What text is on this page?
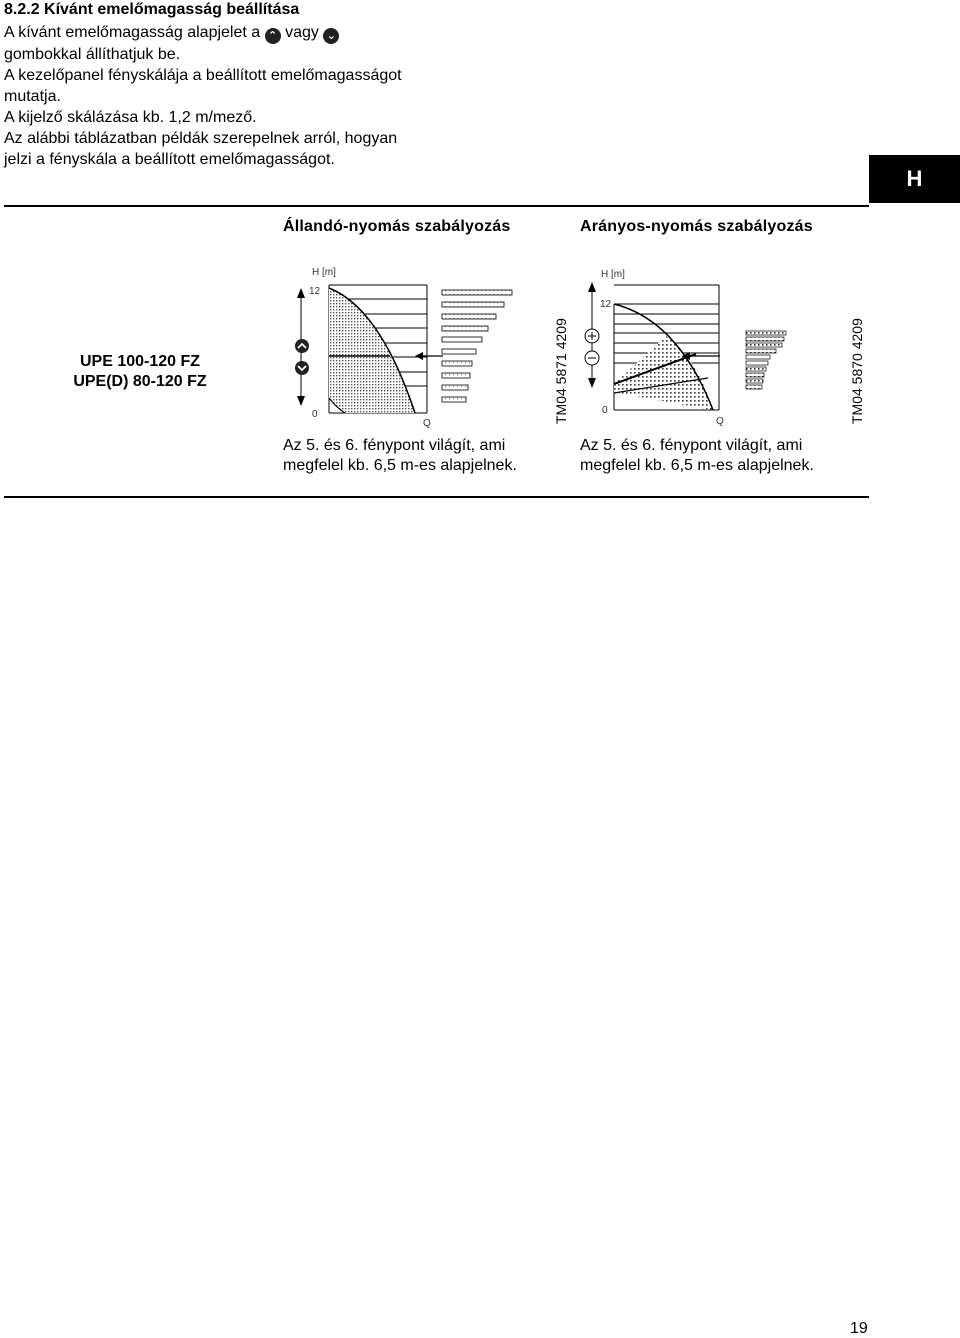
8.2.2 Kívánt emelőmagasság beállítása

A kívánt emelőmagasság alapjelet a ⌃ vagy ⌄
gombokkal állíthatjuk be.

A kezelőpanel fényskálája a beállított emelőmagasságot mutatja.

A kijelző skálázása kb. 1,2 m/mező.

Az alábbi táblázatban példák szerepelnek arról, hogyan jelzi a fényskála a beállított emelőmagasságot.

H
Állandó-nyomás szabályozás	Arányos-nyomás szabályozás
UPE 100-120 FZ
UPE(D) 80-120 FZ
H [m]
12
0
Q
H [m]
12
0
Q
TM04 5871 4209	TM04 5870 4209
Az 5. és 6. fénypont világít, ami megfelel kb. 6,5 m-es alapjelnek.
Az 5. és 6. fénypont világít, ami megfelel kb. 6,5 m-es alapjelnek.
19
